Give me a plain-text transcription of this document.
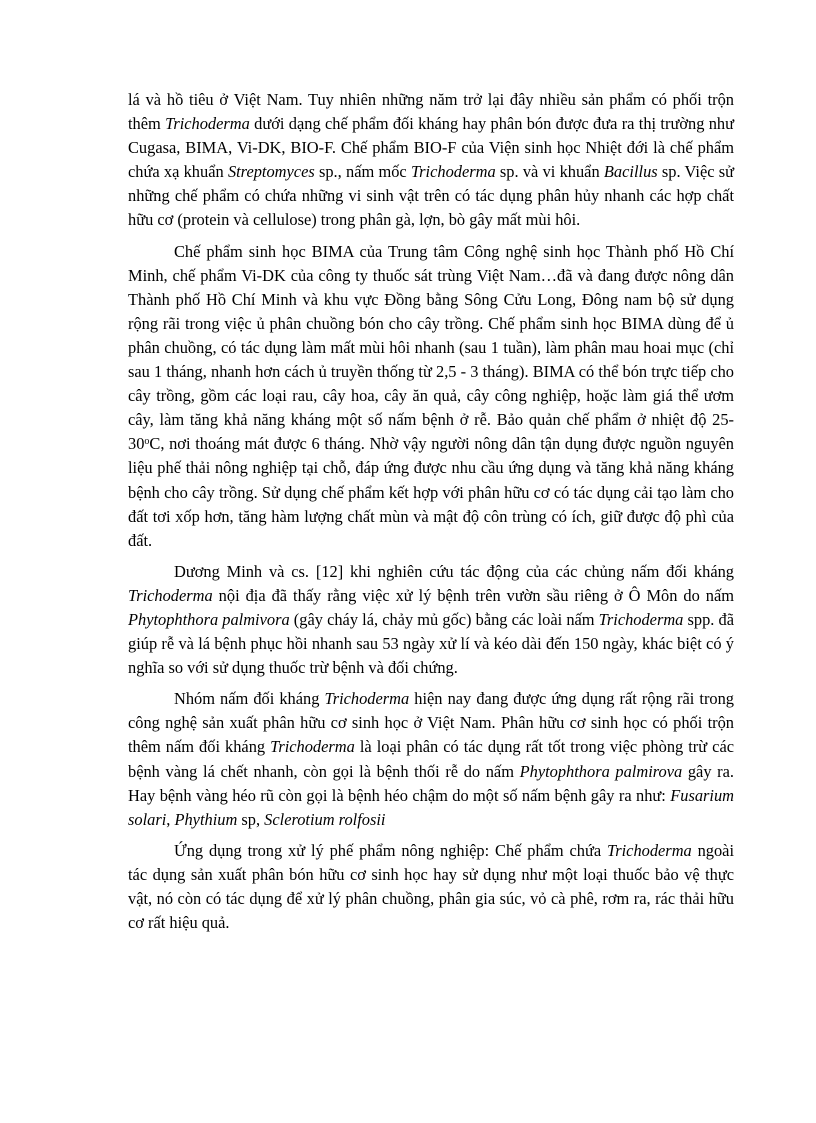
lá và hồ tiêu ở Việt Nam. Tuy nhiên những năm trở lại đây nhiều sản phẩm có phối trộn thêm Trichoderma dưới dạng chế phẩm đối kháng hay phân bón được đưa ra thị trường như Cugasa, BIMA, Vi-DK, BIO-F. Chế phẩm BIO-F của Viện sinh học Nhiệt đới là chế phẩm chứa xạ khuẩn Streptomyces sp., nấm mốc Trichoderma sp. và vi khuẩn Bacillus sp. Việc sử những chế phẩm có chứa những vi sinh vật trên có tác dụng phân hủy nhanh các hợp chất hữu cơ (protein và cellulose) trong phân gà, lợn, bò gây mất mùi hôi.

Chế phẩm sinh học BIMA của Trung tâm Công nghệ sinh học Thành phố Hồ Chí Minh, chế phẩm Vi-DK của công ty thuốc sát trùng Việt Nam…đã và đang được nông dân Thành phố Hồ Chí Minh và khu vực Đồng bằng Sông Cửu Long, Đông nam bộ sử dụng rộng rãi trong việc ủ phân chuồng bón cho cây trồng. Chế phẩm sinh học BIMA dùng để ủ phân chuồng, có tác dụng làm mất mùi hôi nhanh (sau 1 tuần), làm phân mau hoai mục (chỉ sau 1 tháng, nhanh hơn cách ủ truyền thống từ 2,5 - 3 tháng). BIMA có thể bón trực tiếp cho cây trồng, gồm các loại rau, cây hoa, cây ăn quả, cây công nghiệp, hoặc làm giá thể ươm cây, làm tăng khả năng kháng một số nấm bệnh ở rễ. Bảo quản chế phẩm ở nhiệt độ 25-30$^o$C, nơi thoáng mát được 6 tháng. Nhờ vậy người nông dân tận dụng được nguồn nguyên liệu phế thải nông nghiệp tại chỗ, đáp ứng được nhu cầu ứng dụng và tăng khả năng kháng bệnh cho cây trồng. Sử dụng chế phẩm kết hợp với phân hữu cơ có tác dụng cải tạo làm cho đất tơi xốp hơn, tăng hàm lượng chất mùn và mật độ côn trùng có ích, giữ được độ phì của đất.

Dương Minh và cs. [12] khi nghiên cứu tác động của các chủng nấm đối kháng Trichoderma nội địa đã thấy rằng việc xử lý bệnh trên vườn sầu riêng ở Ô Môn do nấm Phytophthora palmivora (gây cháy lá, chảy mủ gốc) bằng các loài nấm Trichoderma spp. đã giúp rễ và lá bệnh phục hồi nhanh sau 53 ngày xử lí và kéo dài đến 150 ngày, khác biệt có ý nghĩa so với sử dụng thuốc trừ bệnh và đối chứng.

Nhóm nấm đối kháng Trichoderma hiện nay đang được ứng dụng rất rộng rãi trong công nghệ sản xuất phân hữu cơ sinh học ở Việt Nam. Phân hữu cơ sinh học có phối trộn thêm nấm đối kháng Trichoderma là loại phân có tác dụng rất tốt trong việc phòng trừ các bệnh vàng lá chết nhanh, còn gọi là bệnh thối rễ do nấm Phytophthora palmirova gây ra. Hay bệnh vàng héo rũ còn gọi là bệnh héo chậm do một số nấm bệnh gây ra như: Fusarium solari, Phythium sp, Sclerotium rolfosii

Ứng dụng trong xử lý phế phẩm nông nghiệp: Chế phẩm chứa Trichoderma ngoài tác dụng sản xuất phân bón hữu cơ sinh học hay sử dụng như một loại thuốc bảo vệ thực vật, nó còn có tác dụng để xử lý phân chuồng, phân gia súc, vỏ cà phê, rơm ra, rác thải hữu cơ rất hiệu quả.
